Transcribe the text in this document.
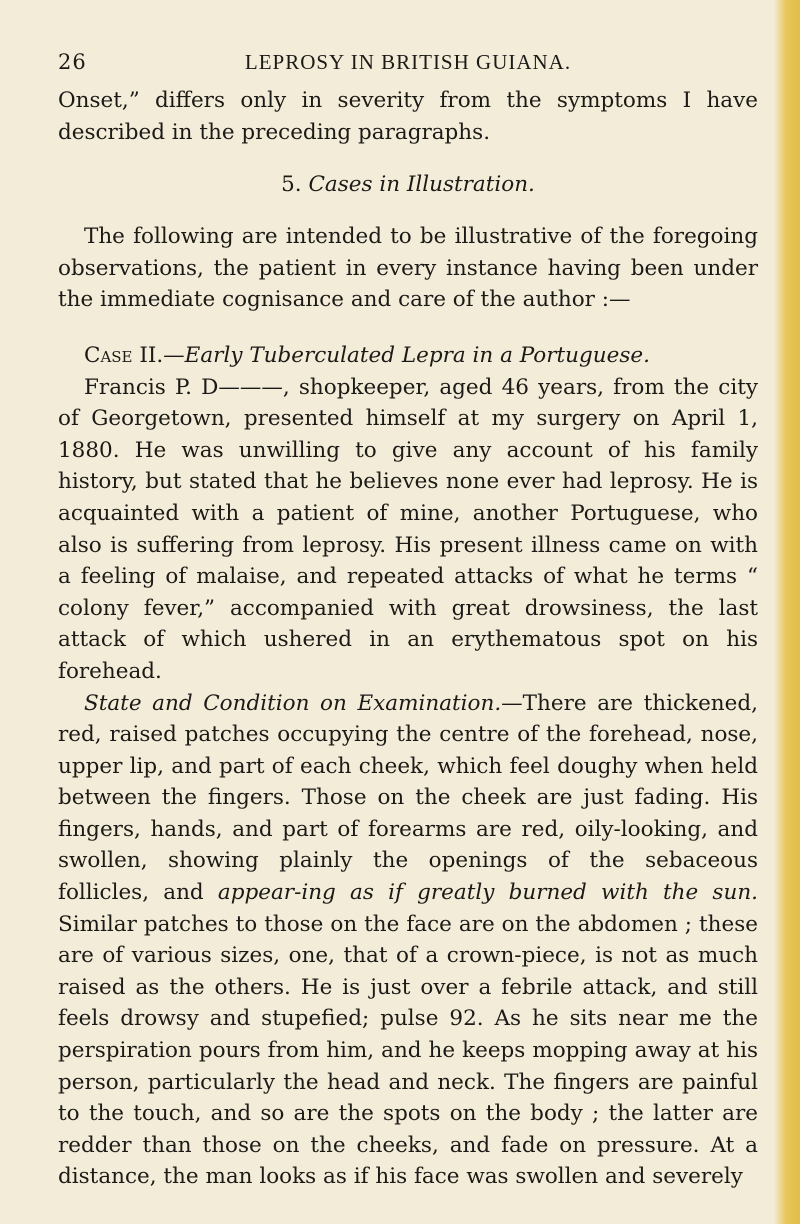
26	LEPROSY IN BRITISH GUIANA.

Onset,” differs only in severity from the symptoms I have described in the preceding paragraphs.

5. Cases in Illustration.

The following are intended to be illustrative of the foregoing observations, the patient in every instance having been under the immediate cognisance and care of the author :—

Case II.—Early Tuberculated Lepra in a Portuguese.

Francis P. D———, shopkeeper, aged 46 years, from the city of Georgetown, presented himself at my surgery on April 1, 1880. He was unwilling to give any account of his family history, but stated that he believes none ever had leprosy. He is acquainted with a patient of mine, another Portuguese, who also is suffering from leprosy. His present illness came on with a feeling of malaise, and repeated attacks of what he terms “ colony fever,” accompanied with great drowsiness, the last attack of which ushered in an erythematous spot on his forehead.

State and Condition on Examination.—There are thickened, red, raised patches occupying the centre of the forehead, nose, upper lip, and part of each cheek, which feel doughy when held between the fingers. Those on the cheek are just fading. His fingers, hands, and part of forearms are red, oily-looking, and swollen, showing plainly the openings of the sebaceous follicles, and appear-ing as if greatly burned with the sun. Similar patches to those on the face are on the abdomen ; these are of various sizes, one, that of a crown-piece, is not as much raised as the others. He is just over a febrile attack, and still feels drowsy and stupefied; pulse 92. As he sits near me the perspiration pours from him, and he keeps mopping away at his person, particularly the head and neck. The fingers are painful to the touch, and so are the spots on the body ; the latter are redder than those on the cheeks, and fade on pressure. At a distance, the man looks as if his face was swollen and severely
